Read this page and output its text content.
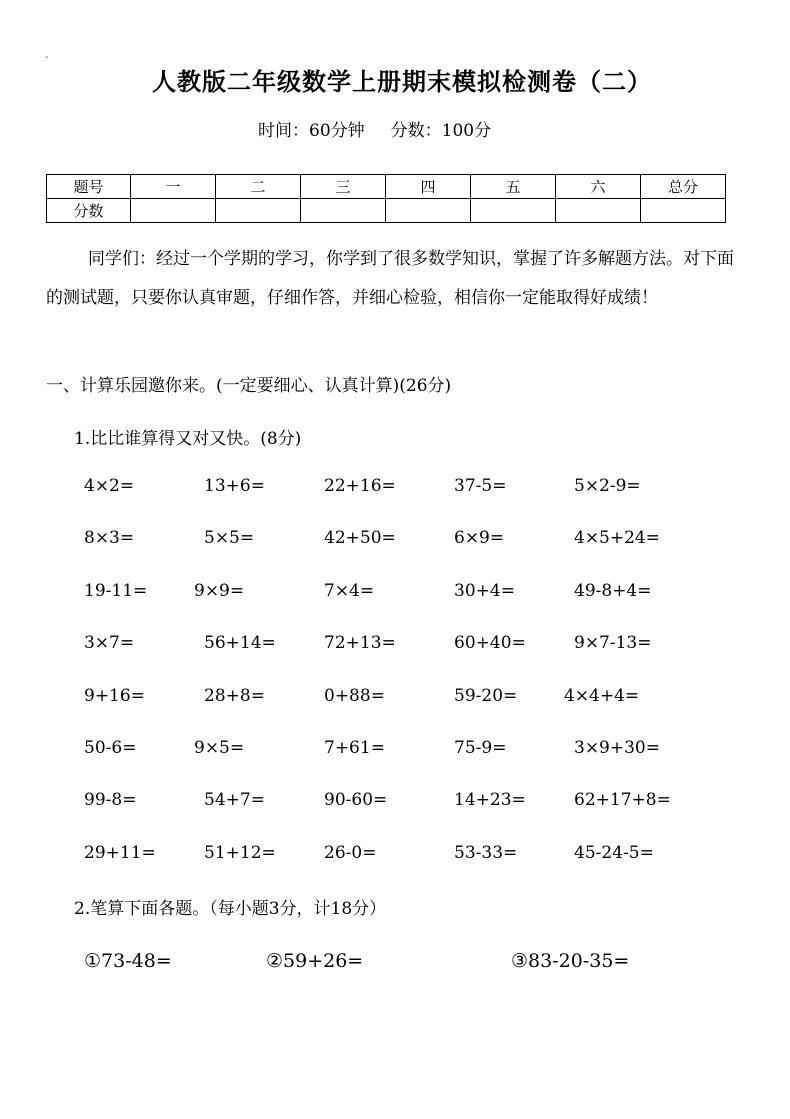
-
人教版二年级数学上册期末模拟检测卷（二）
时间：60分钟 分数：100分
题号	一	二	三	四	五	六	总分
分数							
同学们：经过一个学期的学习，你学到了很多数学知识，掌握了许多解题方法。对下面的测试题，只要你认真审题，仔细作答，并细心检验，相信你一定能取得好成绩！
一、计算乐园邀你来。(一定要细心、认真计算)(26分)
1.比比谁算得又对又快。(8分)
4×2=	13+6=	22+16=	37-5=	5×2-9=
8×3=	5×5=	42+50=	6×9=	4×5+24=
19-11=	9×9=	7×4=	30+4=	49-8+4=
3×7=	56+14=	72+13=	60+40=	9×7-13=
9+16=	28+8=	0+88=	59-20=	4×4+4=
50-6=	9×5=	7+61=	75-9=	3×9+30=
99-8=	54+7=	90-60=	14+23=	62+17+8=
29+11=	51+12=	26-0=	53-33=	45-24-5=
2.笔算下面各题。（每小题3分，计18分）
①73-48=	②59+26=	③83-20-35=
